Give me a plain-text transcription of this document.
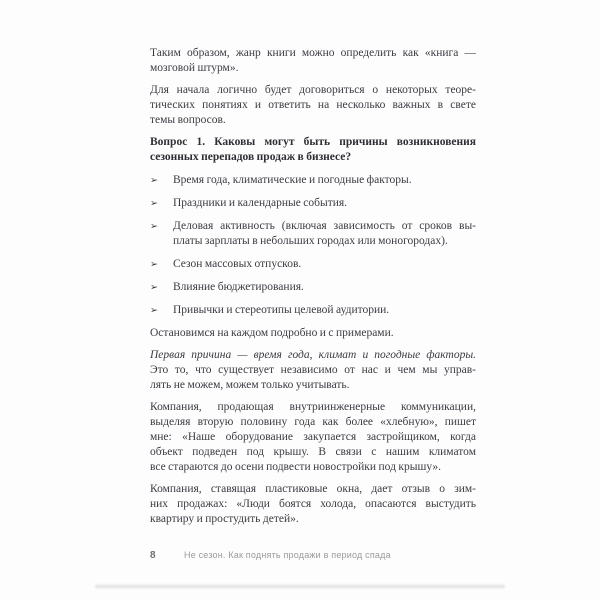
Таким образом, жанр книги можно определить как «книга —
мозговой штурм».
Для начала логично будет договориться о некоторых теоре-
тических понятиях и ответить на несколько важных в свете
темы вопросов.
Вопрос 1. Каковы могут быть причины возникновения
сезонных перепадов продаж в бизнесе?
➢	Время года, климатические и погодные факторы.
➢	Праздники и календарные события.
➢	Деловая активность (включая зависимость от сроков вы-
платы зарплаты в небольших городах или моногородах).
➢	Сезон массовых отпусков.
➢	Влияние бюджетирования.
➢	Привычки и стереотипы целевой аудитории.
Остановимся на каждом подробно и с примерами.
Первая причина — время года, климат и погодные факторы.
Это то, что существует независимо от нас и чем мы управ-
лять не можем, можем только учитывать.
Компания, продающая внутриинженерные коммуникации,
выделяя вторую половину года как более «хлебную», пишет
мне: «Наше оборудование закупается застройщиком, когда
объект подведен под крышу. В связи с нашим климатом
все стараются до осени подвести новостройки под крышу».
Компания, ставящая пластиковые окна, дает отзыв о зим-
них продажах: «Люди боятся холода, опасаются выстудить
квартиру и простудить детей».
8	Не сезон. Как поднять продажи в период спада
